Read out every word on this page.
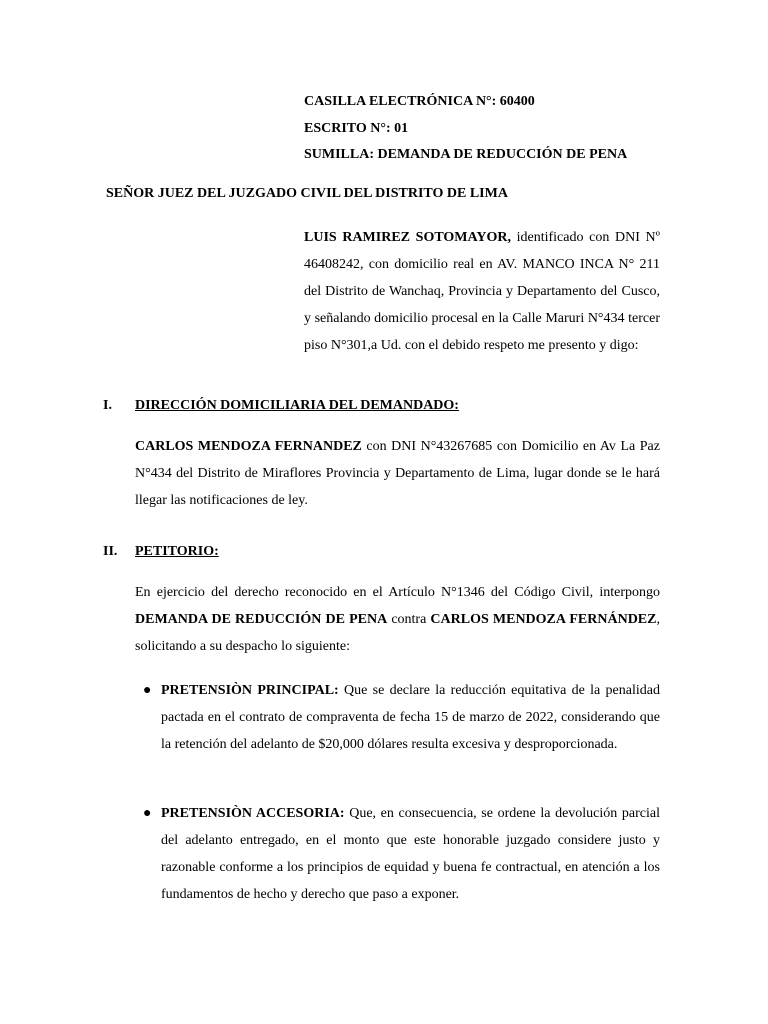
CASILLA ELECTRÓNICA N°: 60400
ESCRITO N°: 01
SUMILLA: DEMANDA DE REDUCCIÓN DE PENA
SEÑOR JUEZ DEL JUZGADO CIVIL DEL DISTRITO DE LIMA
LUIS RAMIREZ SOTOMAYOR, identificado con DNI Nº 46408242, con domicilio real en AV. MANCO INCA N° 211 del Distrito de Wanchaq, Provincia y Departamento del Cusco, y señalando domicilio procesal en la Calle Maruri N°434 tercer piso N°301,a Ud. con el debido respeto me presento y digo:
I. DIRECCIÓN DOMICILIARIA DEL DEMANDADO:
CARLOS MENDOZA FERNANDEZ con DNI N°43267685 con Domicilio en Av La Paz N°434 del Distrito de Miraflores Provincia y Departamento de Lima, lugar donde se le hará llegar las notificaciones de ley.
II. PETITORIO:
En ejercicio del derecho reconocido en el Artículo N°1346 del Código Civil, interpongo DEMANDA DE REDUCCIÓN DE PENA contra CARLOS MENDOZA FERNÁNDEZ, solicitando a su despacho lo siguiente:
● PRETENSIÒN PRINCIPAL: Que se declare la reducción equitativa de la penalidad pactada en el contrato de compraventa de fecha 15 de marzo de 2022, considerando que la retención del adelanto de $20,000 dólares resulta excesiva y desproporcionada.
● PRETENSIÒN ACCESORIA: Que, en consecuencia, se ordene la devolución parcial del adelanto entregado, en el monto que este honorable juzgado considere justo y razonable conforme a los principios de equidad y buena fe contractual, en atención a los fundamentos de hecho y derecho que paso a exponer.
